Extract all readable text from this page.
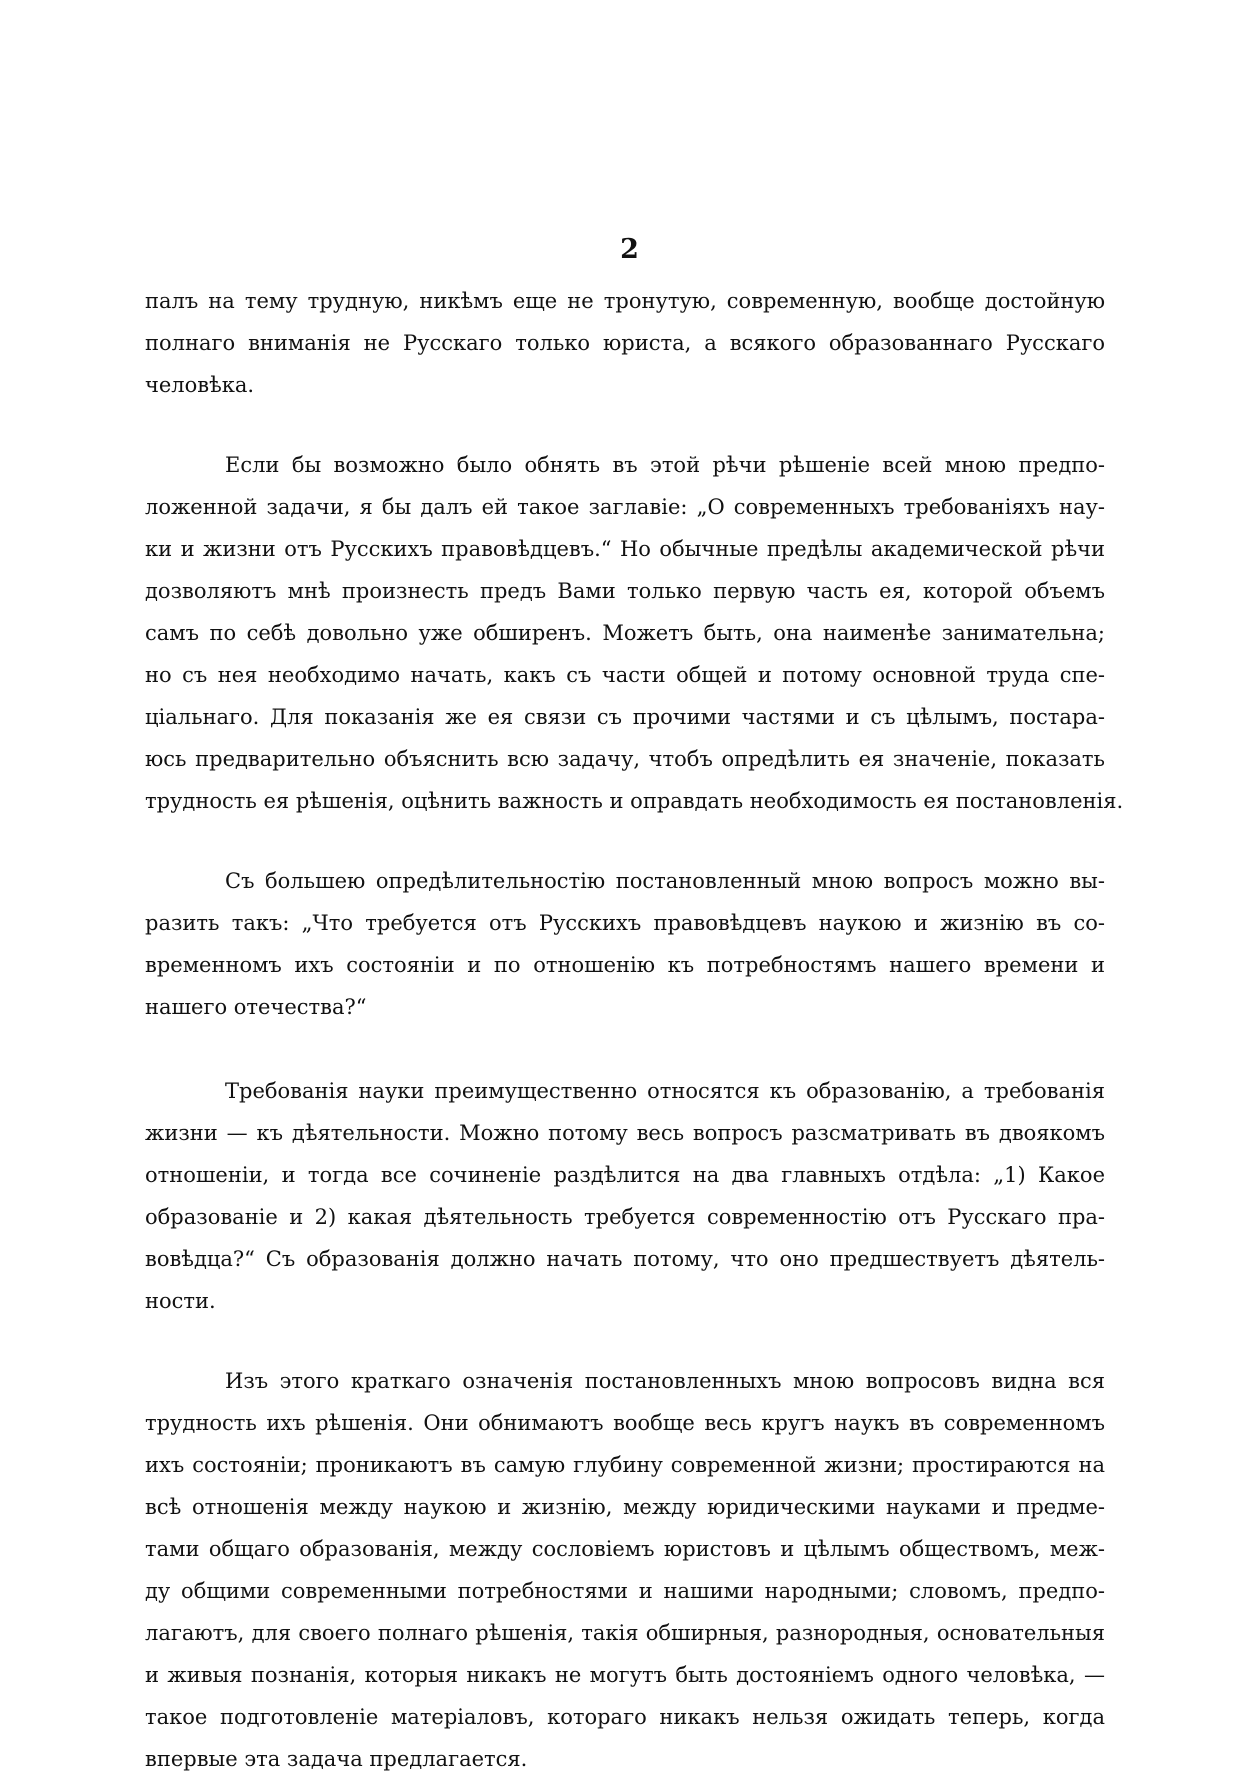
2

палъ на тему трудную, никѣмъ еще не тронутую, современную, вообще достойную
полнаго вниманія не Русскаго только юриста, а всякого образованнаго Русскаго
человѣка.

Если бы возможно было обнять въ этой рѣчи рѣшеніе всей мною предпо-
ложенной задачи, я бы далъ ей такое заглавіе: „О современныхъ требованіяхъ нау-
ки и жизни отъ Русскихъ правовѣдцевъ.“ Но обычные предѣлы академической рѣчи
дозволяютъ мнѣ произнесть предъ Вами только первую часть ея, которой объемъ
самъ по себѣ довольно уже обширенъ. Можетъ быть, она наименѣе занимательна;
но съ нея необходимо начать, какъ съ части общей и потому основной труда спе-
ціальнаго. Для показанія же ея связи съ прочими частями и съ цѣлымъ, постара-
юсь предварительно объяснить всю задачу, чтобъ опредѣлить ея значеніе, показать
трудность ея рѣшенія, оцѣнить важность и оправдать необходимость ея постановленія.

Съ большею опредѣлительностію постановленный мною вопросъ можно вы-
разить такъ: „Что требуется отъ Русскихъ правовѣдцевъ наукою и жизнію въ со-
временномъ ихъ состояніи и по отношенію къ потребностямъ нашего времени и
нашего отечества?“

Требованія науки преимущественно относятся къ образованію, а требованія
жизни — къ дѣятельности. Можно потому весь вопросъ разсматривать въ двоякомъ
отношеніи, и тогда все сочиненіе раздѣлится на два главныхъ отдѣла: „1) Какое
образованіе и 2) какая дѣятельность требуется современностію отъ Русскаго пра-
вовѣдца?“ Съ образованія должно начать потому, что оно предшествуетъ дѣятель-
ности.

Изъ этого краткаго означенія постановленныхъ мною вопросовъ видна вся
трудность ихъ рѣшенія. Они обнимаютъ вообще весь кругъ наукъ въ современномъ
ихъ состояніи; проникаютъ въ самую глубину современной жизни; простираются на
всѣ отношенія между наукою и жизнію, между юридическими науками и предме-
тами общаго образованія, между сословіемъ юристовъ и цѣлымъ обществомъ, меж-
ду общими современными потребностями и нашими народными; словомъ, предпо-
лагаютъ, для своего полнаго рѣшенія, такія обширныя, разнородныя, основательныя
и живыя познанія, которыя никакъ не могутъ быть достояніемъ одного человѣка, —
такое подготовленіе матеріаловъ, котораго никакъ нельзя ожидать теперь, когда
впервые эта задача предлагается.
